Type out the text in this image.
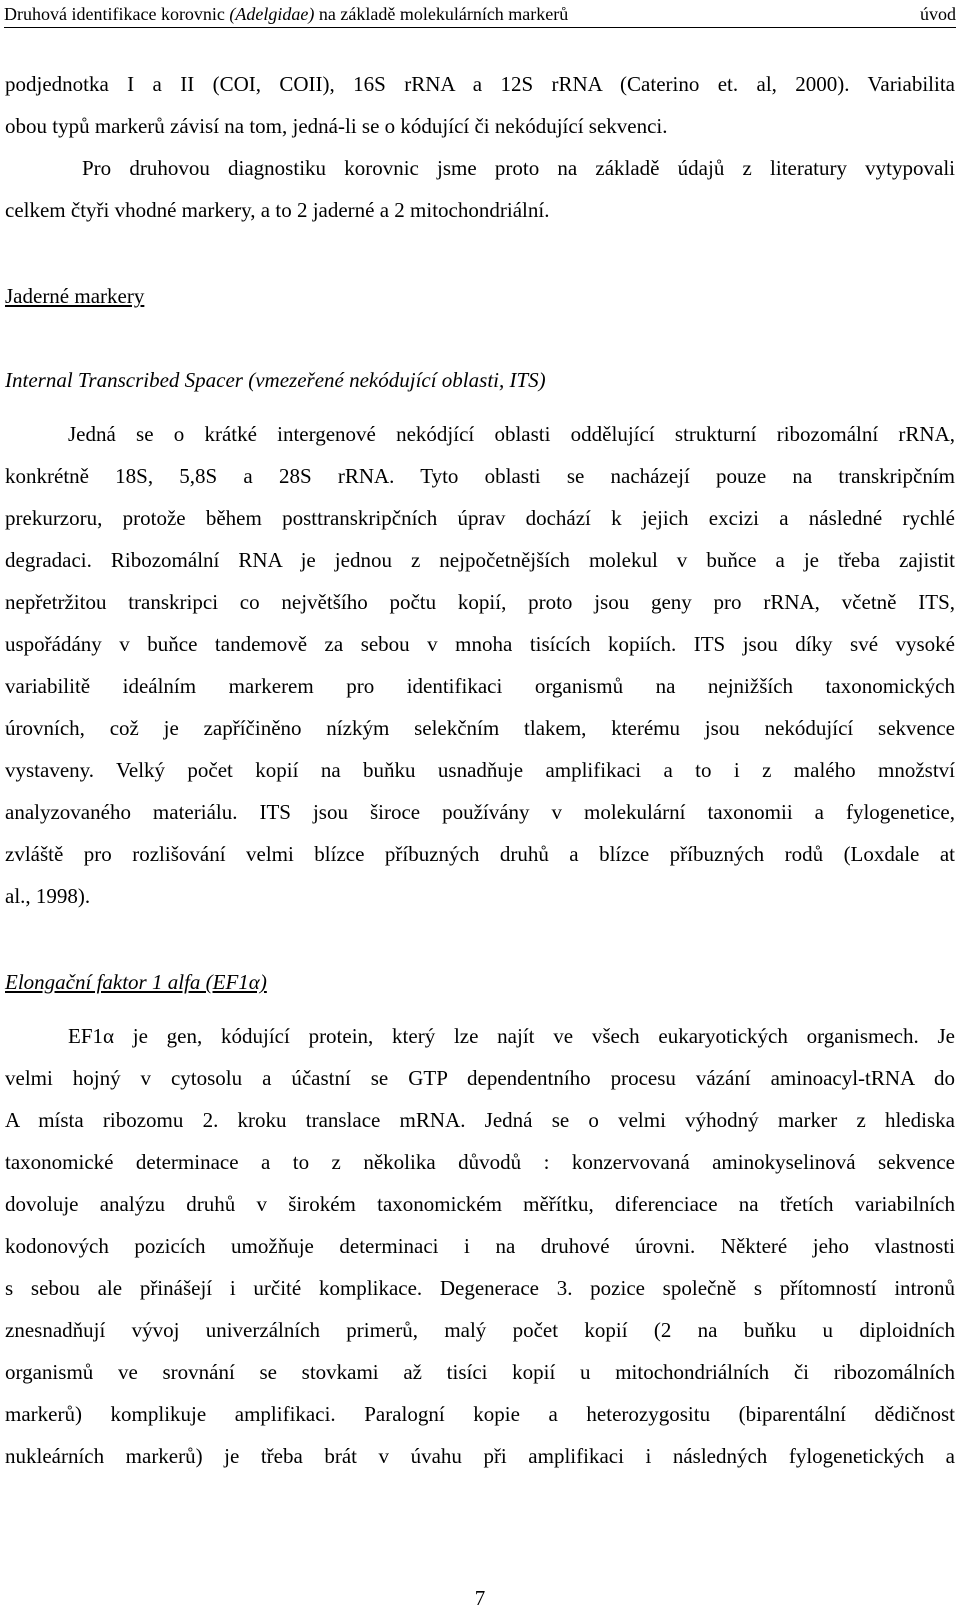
Druhová identifikace korovnic (Adelgidae) na základě molekulárních markerů	úvod
podjednotka I a II (COI, COII), 16S rRNA a 12S rRNA (Caterino et. al, 2000). Variabilita
obou typů markerů závisí na tom, jedná-li se o kódující či nekódující sekvenci.
Pro druhovou diagnostiku korovnic jsme proto na základě údajů z literatury vytypovali
celkem čtyři vhodné markery, a to 2 jaderné a 2 mitochondriální.
Jaderné markery
Internal Transcribed Spacer (vmezeřené nekódující oblasti, ITS)
Jedná se o krátké intergenové nekódjící oblasti oddělující strukturní ribozomální rRNA,
konkrétně 18S, 5,8S a 28S rRNA. Tyto oblasti se nacházejí pouze na transkripčním
prekurzoru, protože během posttranskripčních úprav dochází k jejich excizi a následné rychlé
degradaci. Ribozomální RNA je jednou z nejpočetnějších molekul v buňce a je třeba zajistit
nepřetržitou transkripci co největšího počtu kopií, proto jsou geny pro rRNA, včetně ITS,
uspořádány v buňce tandemově za sebou v mnoha tisících kopiích. ITS jsou díky své vysoké
variabilitě ideálním markerem pro identifikaci organismů na nejnižších taxonomických
úrovních, což je zapříčiněno nízkým selekčním tlakem, kterému jsou nekódující sekvence
vystaveny. Velký počet kopií na buňku usnadňuje amplifikaci a to i z malého množství
analyzovaného materiálu. ITS jsou široce používány v molekulární taxonomii a fylogenetice,
zvláště pro rozlišování velmi blízce příbuzných druhů a blízce příbuzných rodů (Loxdale at
al., 1998).
Elongační faktor 1 alfa (EF1α)
EF1α je gen, kódující protein, který lze najít ve všech eukaryotických organismech. Je
velmi hojný v cytosolu a účastní se GTP dependentního procesu vázání aminoacyl-tRNA do
A místa ribozomu 2. kroku translace mRNA. Jedná se o velmi výhodný marker z hlediska
taxonomické determinace a to z několika důvodů : konzervovaná aminokyselinová sekvence
dovoluje analýzu druhů v širokém taxonomickém měřítku, diferenciace na třetích variabilních
kodonových pozicích umožňuje determinaci i na druhové úrovni. Některé jeho vlastnosti
s sebou ale přinášejí i určité komplikace. Degenerace 3. pozice společně s přítomností intronů
znesnadňují vývoj univerzálních primerů, malý počet kopií (2 na buňku u diploidních
organismů ve srovnání se stovkami až tisíci kopií u mitochondriálních či ribozomálních
markerů) komplikuje amplifikaci. Paralogní kopie a heterozygositu (biparentální dědičnost
nukleárních markerů) je třeba brát v úvahu při amplifikaci i následných fylogenetických a
7
